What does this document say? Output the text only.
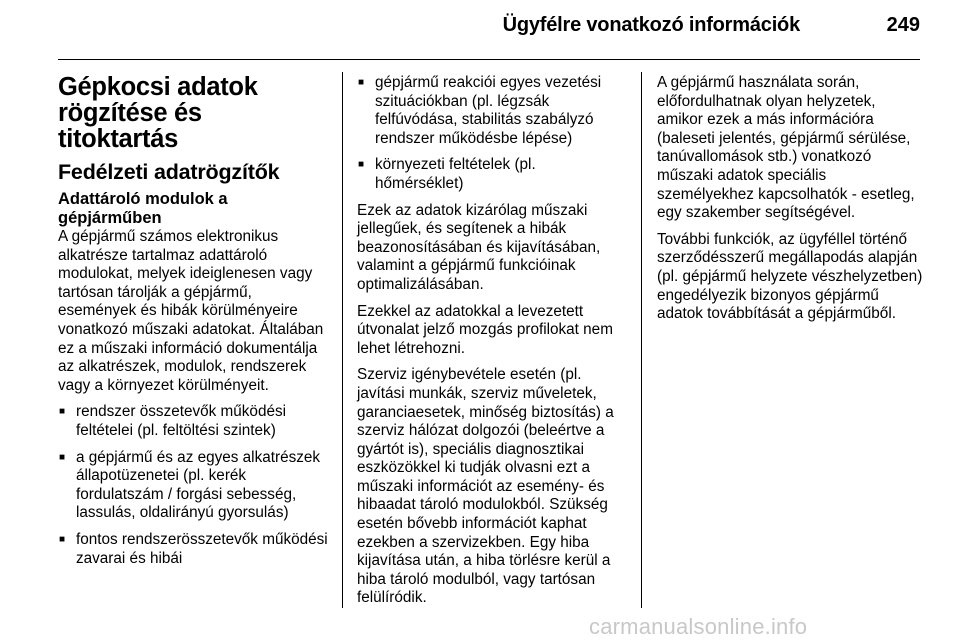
Ügyfélre vonatkozó információk	249
Gépkocsi adatok rögzítése és titoktartás
Fedélzeti adatrögzítők
Adattároló modulok a gépjárműben

A gépjármű számos elektronikus alkatrésze tartalmaz adattároló modulokat, melyek ideiglenesen vagy tartósan tárolják a gépjármű, események és hibák körülményeire vonatkozó műszaki adatokat. Általában ez a műszaki információ dokumentálja az alkatrészek, modulok, rendszerek vagy a környezet körülményeit.

■ rendszer összetevők működési feltételei (pl. feltöltési szintek)
■ a gépjármű és az egyes alkatrészek állapotüzenetei (pl. kerék fordulatszám / forgási sebesség, lassulás, oldalirányú gyorsulás)
■ fontos rendszerösszetevők működési zavarai és hibái
■ gépjármű reakciói egyes vezetési szituációkban (pl. légzsák felfúvódása, stabilitás szabályzó rendszer működésbe lépése)
■ környezeti feltételek (pl. hőmérséklet)

Ezek az adatok kizárólag műszaki jellegűek, és segítenek a hibák beazonosításában és kijavításában, valamint a gépjármű funkcióinak optimalizálásában.

Ezekkel az adatokkal a levezetett útvonalat jelző mozgás profilokat nem lehet létrehozni.

Szerviz igénybevétele esetén (pl. javítási munkák, szerviz műveletek, garanciaesetek, minőség biztosítás) a szerviz hálózat dolgozói (beleértve a gyártót is), speciális diagnosztikai eszközökkel ki tudják olvasni ezt a műszaki információt az esemény- és hibaadat tároló modulokból. Szükség esetén bővebb információt kaphat ezekben a szervizekben. Egy hiba kijavítása után, a hiba törlésre kerül a hiba tároló modulból, vagy tartósan felülíródik.

A gépjármű használata során, előfordulhatnak olyan helyzetek, amikor ezek a más információra (baleseti jelentés, gépjármű sérülése, tanúvallomások stb.) vonatkozó műszaki adatok speciális személyekhez kapcsolhatók - esetleg, egy szakember segítségével.

További funkciók, az ügyféllel történő szerződésszerű megállapodás alapján (pl. gépjármű helyzete vészhelyzetben) engedélyezik bizonyos gépjármű adatok továbbítását a gépjárműből.

carmanualsonline.info
